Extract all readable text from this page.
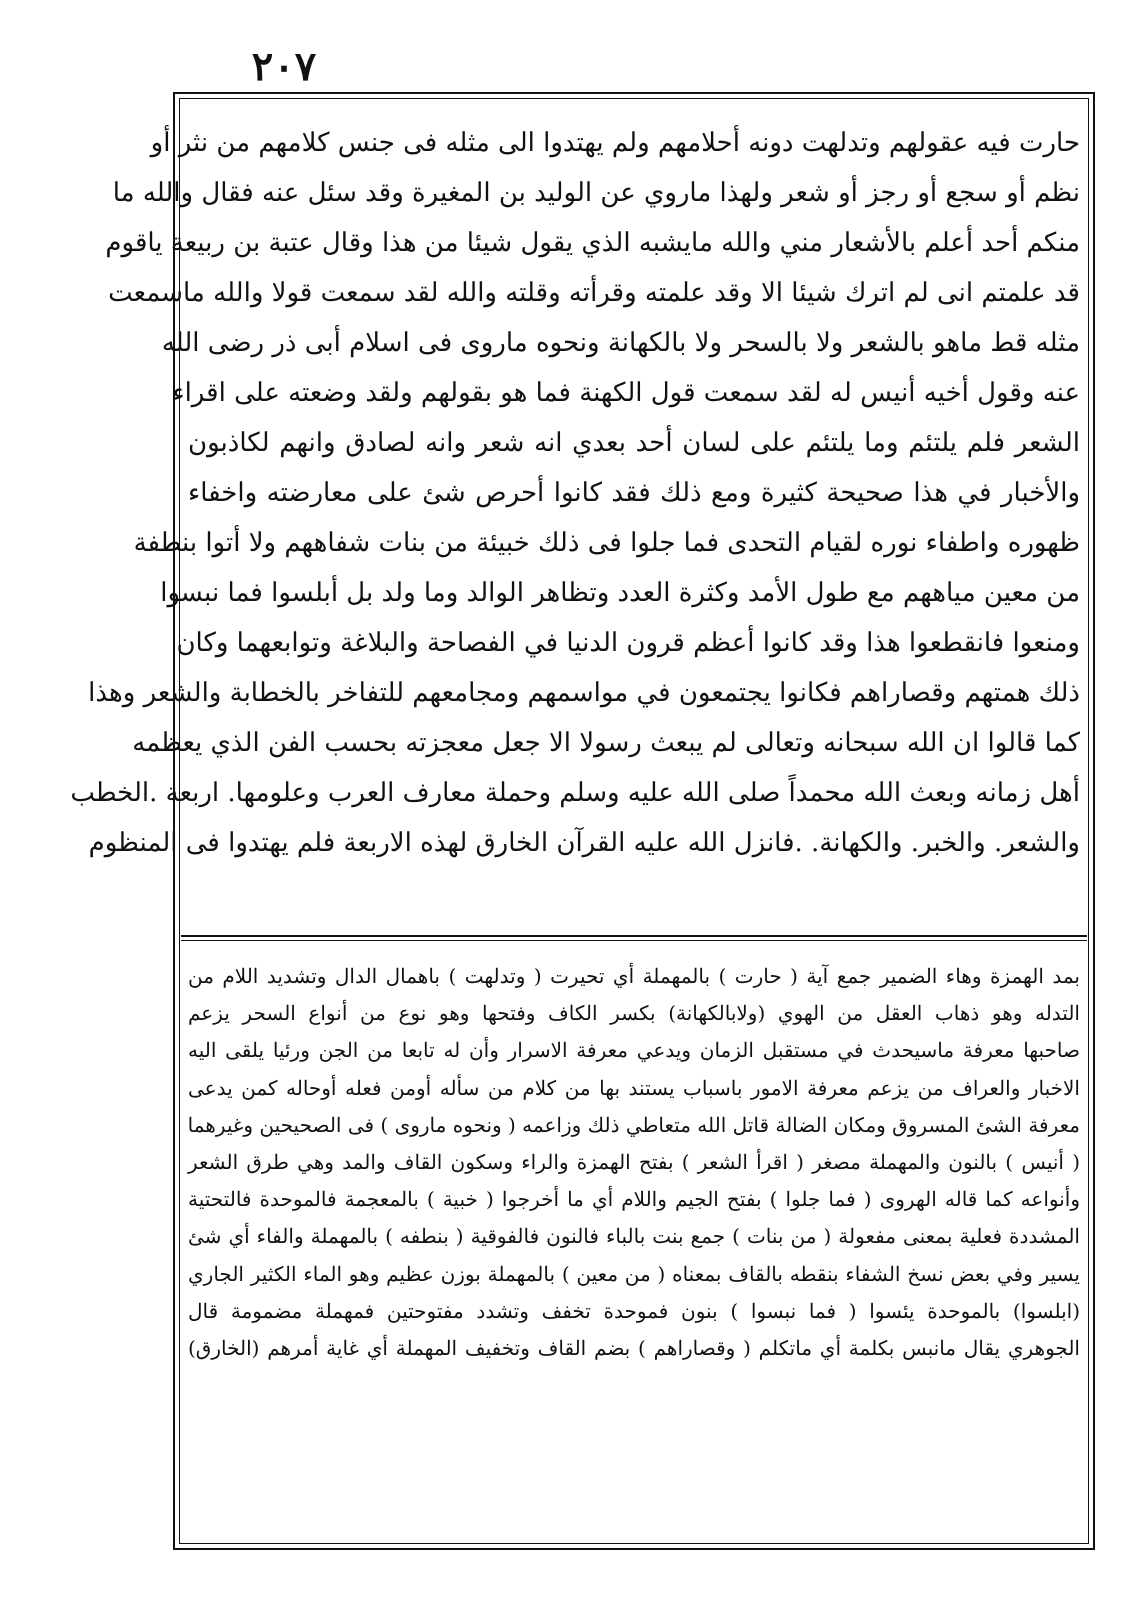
٢٠٧
حارت فيه عقولهم وتدلهت دونه أحلامهم ولم يهتدوا الى مثله فى جنس كلامهم من نثر أو
نظم أو سجع أو رجز أو شعر ولهذا ماروي عن الوليد بن المغيرة وقد سئل عنه فقال والله ما
منكم أحد أعلم بالأشعار مني والله مايشبه الذي يقول شيئا من هذا وقال عتبة بن ربيعة ياقوم
قد علمتم انى لم اترك شيئا الا وقد علمته وقرأته وقلته والله لقد سمعت قولا والله ماسمعت
مثله قط ماهو بالشعر ولا بالسحر ولا بالكهانة ونحوه ماروى فى اسلام أبى ذر رضى الله
عنه وقول أخيه أنيس له لقد سمعت قول الكهنة فما هو بقولهم ولقد وضعته على اقراء
الشعر فلم يلتئم وما يلتئم على لسان أحد بعدي انه شعر وانه لصادق وانهم لكاذبون
والأخبار في هذا صحيحة كثيرة ومع ذلك فقد كانوا أحرص شئ على معارضته واخفاء
ظهوره واطفاء نوره لقيام التحدى فما جلوا فى ذلك خبيئة من بنات شفاههم ولا أتوا بنطفة
من معين مياههم مع طول الأمد وكثرة العدد وتظاهر الوالد وما ولد بل أبلسوا فما نبسوا
ومنعوا فانقطعوا هذا وقد كانوا أعظم قرون الدنيا في الفصاحة والبلاغة وتوابعهما وكان
ذلك همتهم وقصاراهم فكانوا يجتمعون في مواسمهم ومجامعهم للتفاخر بالخطابة والشعر وهذا
كما قالوا ان الله سبحانه وتعالى لم يبعث رسولا الا جعل معجزته بحسب الفن الذي يعظمه
أهل زمانه وبعث الله محمداً صلى الله عليه وسلم وحملة معارف العرب وعلومها. اربعة .الخطب
والشعر. والخبر. والكهانة. .فانزل الله عليه القرآن الخارق لهذه الاربعة فلم يهتدوا فى المنظوم
بمد الهمزة وهاء الضمير جمع آية ( حارت ) بالمهملة أي تحيرت ( وتدلهت ) باهمال الدال وتشديد اللام من
التدله وهو ذهاب العقل من الهوي (ولابالكهانة) بكسر الكاف وفتحها وهو نوع من أنواع السحر يزعم
صاحبها معرفة ماسيحدث في مستقبل الزمان ويدعي معرفة الاسرار وأن له تابعا من الجن ورئيا يلقى اليه
الاخبار والعراف من يزعم معرفة الامور باسباب يستند بها من كلام من سأله أومن فعله أوحاله كمن يدعى
معرفة الشئ المسروق ومكان الضالة قاتل الله متعاطي ذلك وزاعمه ( ونحوه ماروى ) فى الصحيحين وغيرهما
( أنيس ) بالنون والمهملة مصغر ( اقرأ الشعر ) بفتح الهمزة والراء وسكون القاف والمد وهي طرق الشعر
وأنواعه كما قاله الهروى ( فما جلوا ) بفتح الجيم واللام أي ما أخرجوا ( خبية ) بالمعجمة فالموحدة فالتحتية
المشددة فعلية بمعنى مفعولة ( من بنات ) جمع بنت بالباء فالنون فالفوقية ( بنطفه ) بالمهملة والفاء أي شئ
يسير وفي بعض نسخ الشفاء بنقطه بالقاف بمعناه ( من معين ) بالمهملة بوزن عظيم وهو الماء الكثير الجاري
(ابلسوا) بالموحدة يئسوا ( فما نبسوا ) بنون فموحدة تخفف وتشدد مفتوحتين فمهملة مضمومة قال
الجوهري يقال مانبس بكلمة أي ماتكلم ( وقصاراهم ) بضم القاف وتخفيف المهملة أي غاية أمرهم (الخارق)
